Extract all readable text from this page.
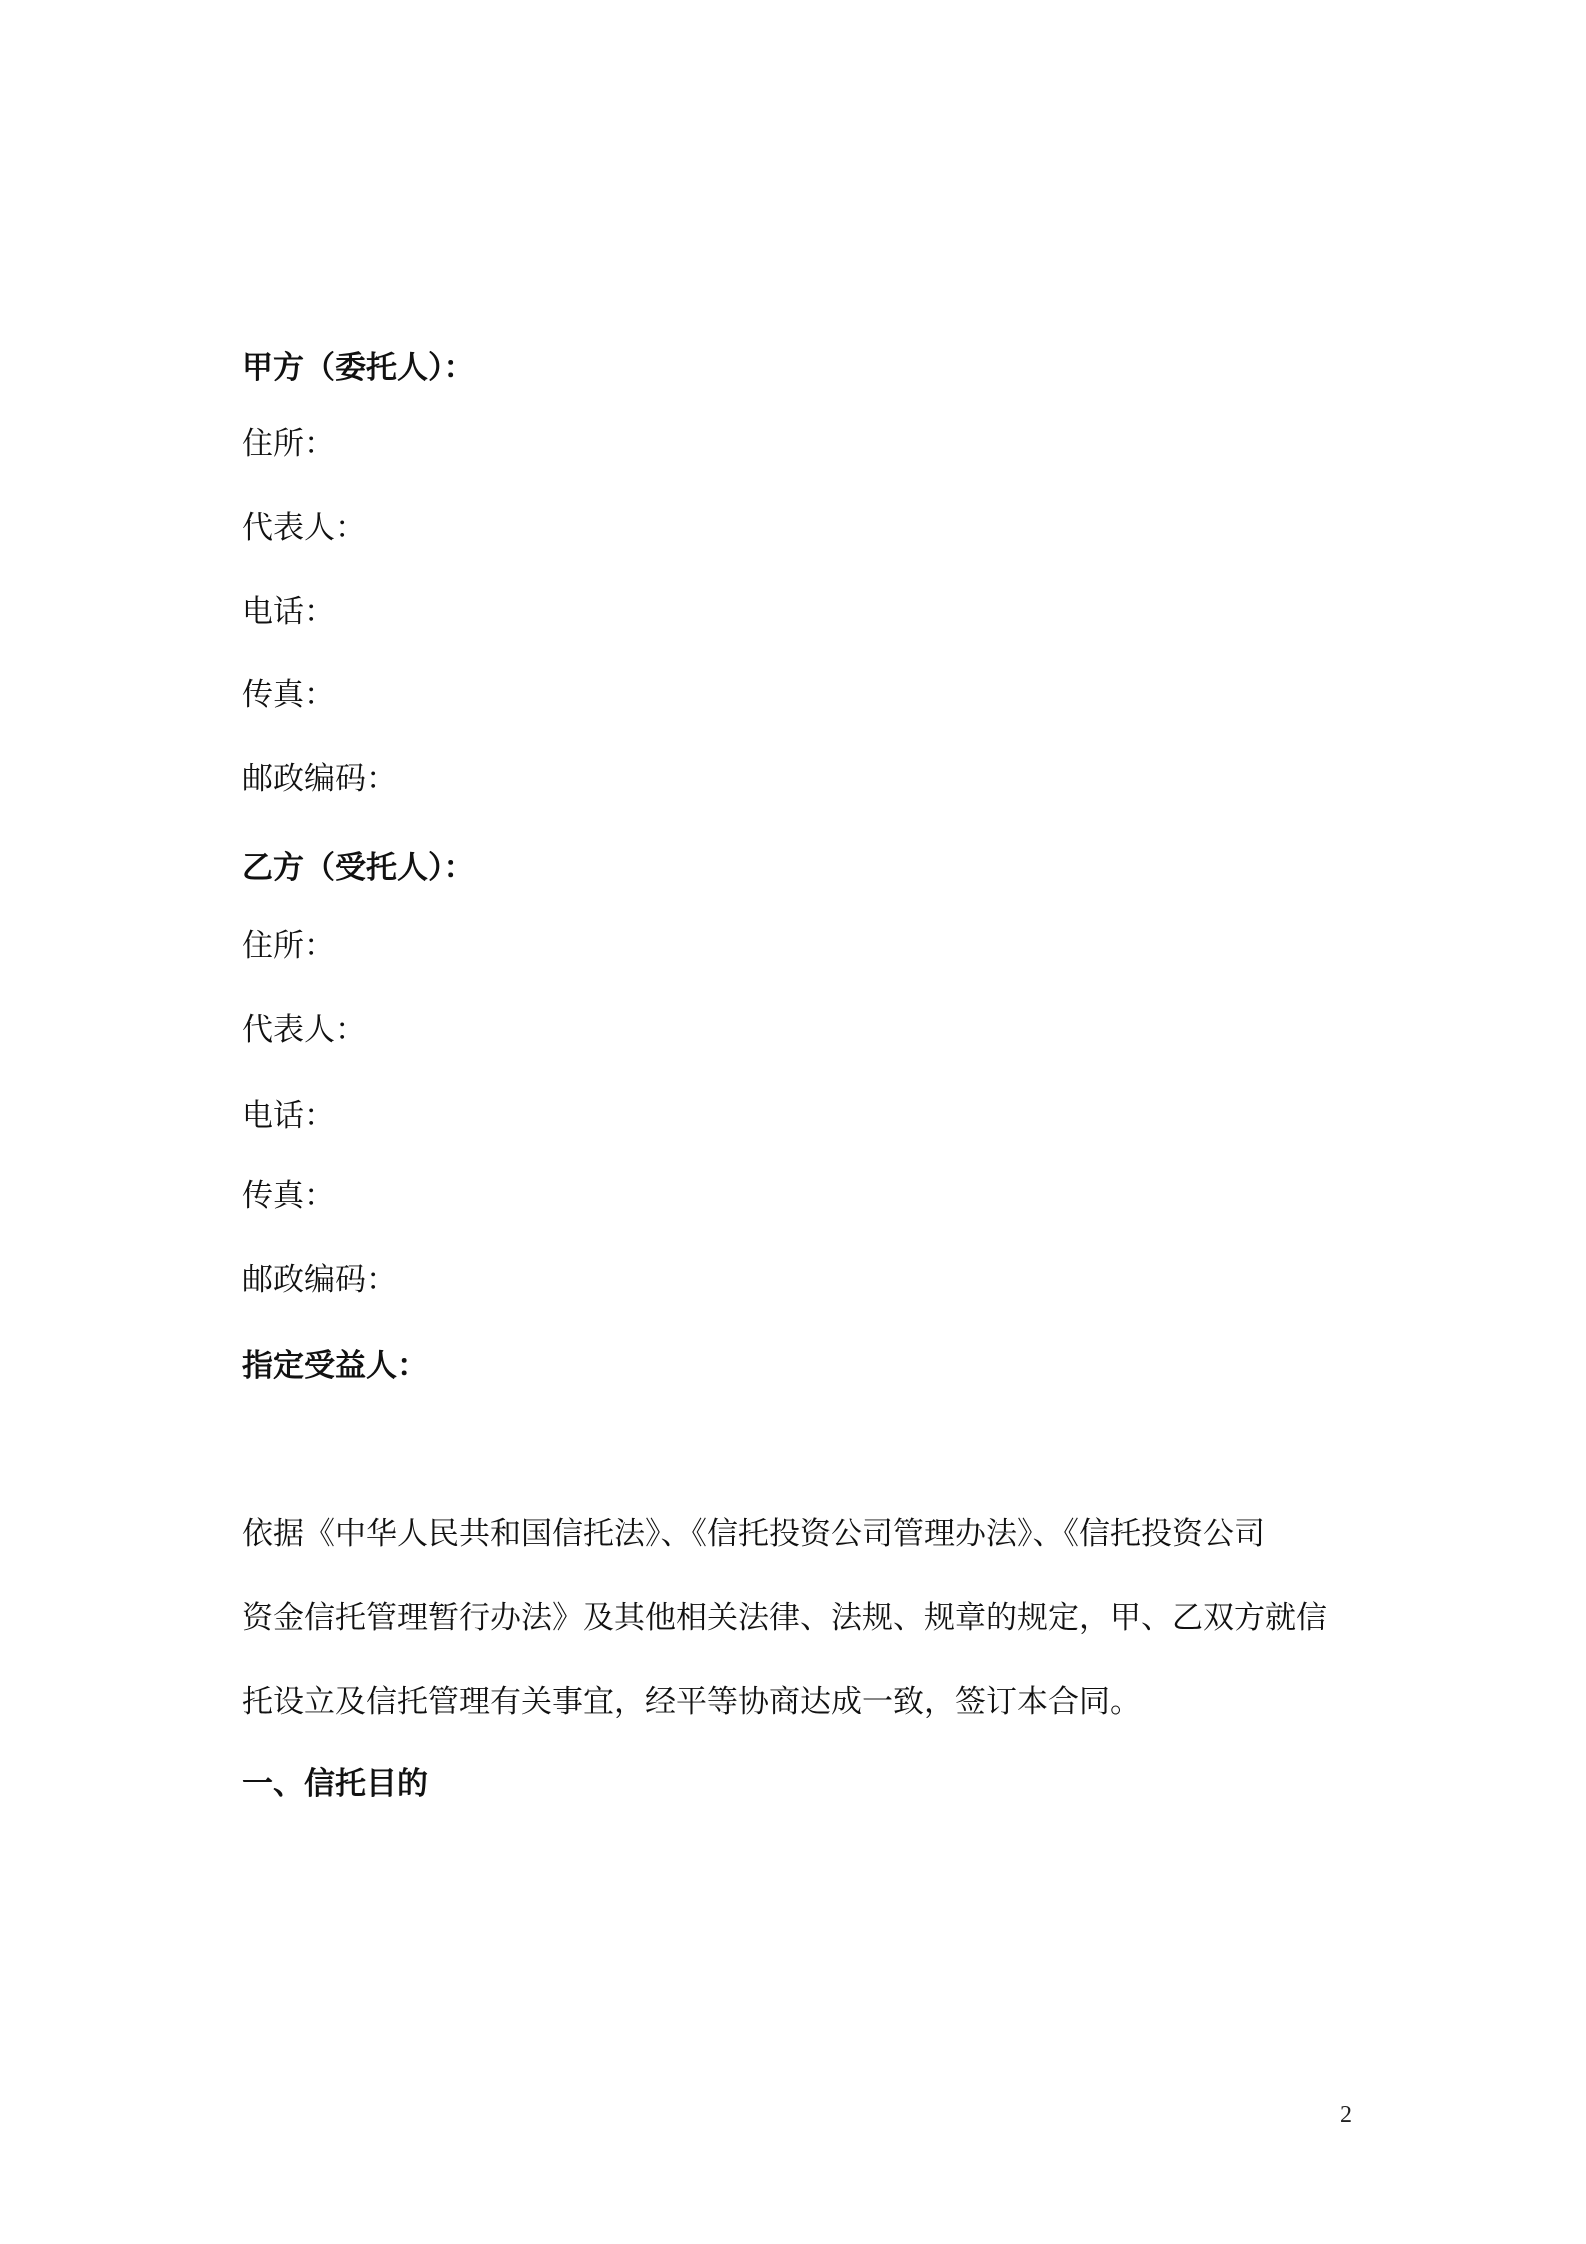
甲方（委托人）：
住所：
代表人：
电话：
传真：
邮政编码：
乙方（受托人）：
住所：
代表人：
电话：
传真：
邮政编码：
指定受益人：
依据《中华人民共和国信托法》、《信托投资公司管理办法》、《信托投资公司
资金信托管理暂行办法》及其他相关法律、法规、规章的规定，甲、乙双方就信
托设立及信托管理有关事宜，经平等协商达成一致，签订本合同。
一、信托目的
2
